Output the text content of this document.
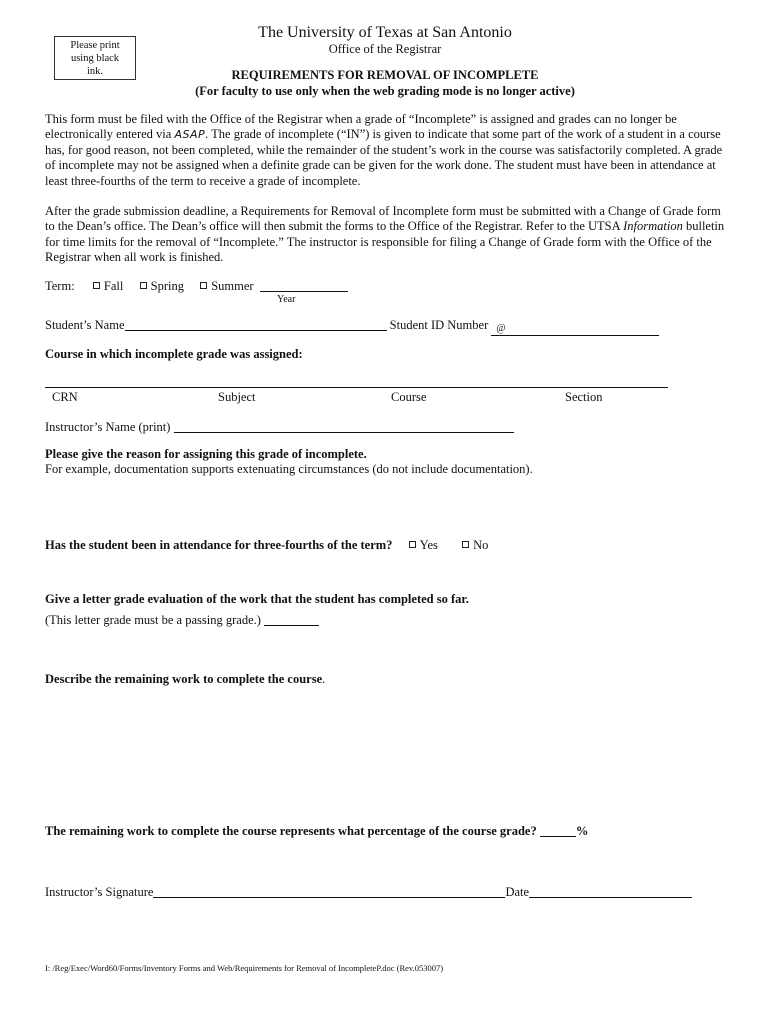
Please print
using black
ink.
The University of Texas at San Antonio
Office of the Registrar
REQUIREMENTS FOR REMOVAL OF INCOMPLETE
(For faculty to use only when the web grading mode is no longer active)
This form must be filed with the Office of the Registrar when a grade of “Incomplete” is assigned and grades can no longer be electronically entered via ASAP. The grade of incomplete (“IN”) is given to indicate that some part of the work of a student in a course has, for good reason, not been completed, while the remainder of the student’s work in the course was satisfactorily completed. A grade of incomplete may not be assigned when a definite grade can be given for the work done. The student must have been in attendance at least three-fourths of the term to receive a grade of incomplete.
After the grade submission deadline, a Requirements for Removal of Incomplete form must be submitted with a Change of Grade form to the Dean’s office. The Dean’s office will then submit the forms to the Office of the Registrar. Refer to the UTSA Information bulletin for time limits for the removal of “Incomplete.” The instructor is responsible for filing a Change of Grade form with the Office of the Registrar when all work is finished.
Term: Fall Spring Summer
Year
Student’s Name	Student ID Number @
Course in which incomplete grade was assigned:
CRN	Subject	Course	Section
Instructor’s Name (print)
Please give the reason for assigning this grade of incomplete.
For example, documentation supports extenuating circumstances (do not include documentation).
Has the student been in attendance for three-fourths of the term? Yes	No
Give a letter grade evaluation of the work that the student has completed so far.
(This letter grade must be a passing grade.)
Describe the remaining work to complete the course.
The remaining work to complete the course represents what percentage of the course grade?	%
Instructor’s Signature	Date
I: /Reg/Exec/Word60/Forms/Inventory Forms and Web/Requirements for Removal of IncompleteP.doc (Rev.053007)
